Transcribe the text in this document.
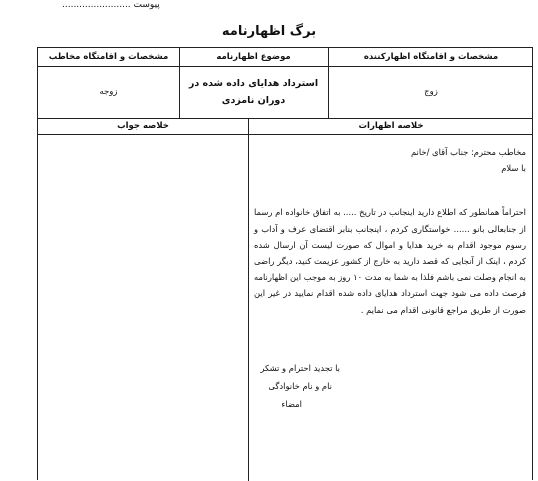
پیوست ........................
برگ اظهارنامه
مشخصات و اقامتگاه اظهارکننده
موضوع اظهارنامه
مشخصات و اقامتگاه مخاطب
زوج
استرداد هدایای داده شده در دوران نامزدی
زوجه
خلاصه اظهارات
خلاصه جواب

مخاطب محترم: جناب آقای /خانم

با سلام

احتراماً همانطور که اطلاع دارید اینجانب در تاریخ ..... به اتفاق خانواده ام رسما از جنابعالی بانو ...... خواستگاری کردم ، اینجانب بنابر اقتضای عرف و آداب و رسوم موجود اقدام به خرید هدایا و اموال که صورت لیست آن ارسال شده کردم ، اینک از آنجایی که قصد دارید به خارج از کشور عزیمت کنید، دیگر راضی به انجام وصلت نمی باشم فلذا به شما به مدت ۱۰ روز به موجب این اظهارنامه فرصت داده می شود جهت استرداد هدایای داده شده اقدام نمایید در غیر این صورت از طریق مراجع قانونی اقدام می نمایم .

با تجدید احترام و تشکر
نام و نام خانوادگی
امضاء
